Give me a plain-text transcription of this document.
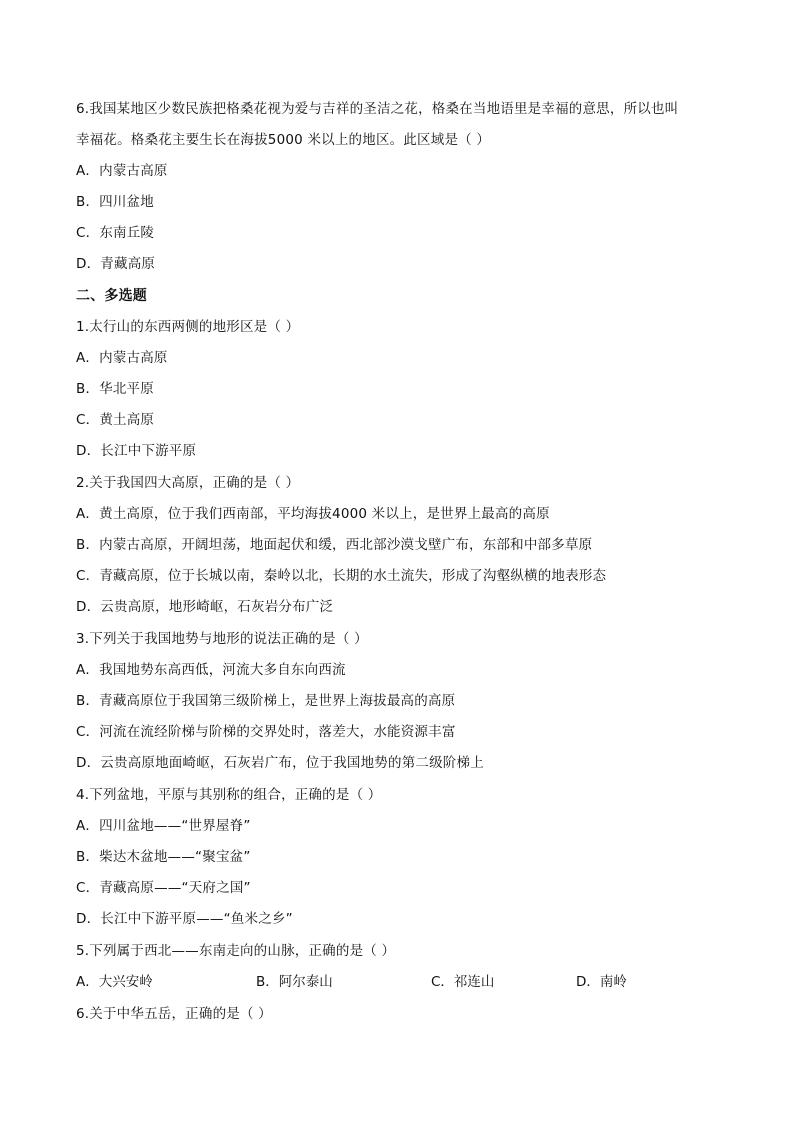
6.我国某地区少数民族把格桑花视为爱与吉祥的圣洁之花，格桑在当地语里是幸福的意思，所以也叫
幸福花。格桑花主要生长在海拔5000 米以上的地区。此区域是（ ）
A．内蒙古高原
B．四川盆地
C．东南丘陵
D．青藏高原
二、多选题
1.太行山的东西两侧的地形区是（ ）
A．内蒙古高原
B．华北平原
C．黄土高原
D．长江中下游平原
2.关于我国四大高原，正确的是（ ）
A．黄土高原，位于我们西南部，平均海拔4000 米以上，是世界上最高的高原
B．内蒙古高原，开阔坦荡，地面起伏和缓，西北部沙漠戈壁广布，东部和中部多草原
C．青藏高原，位于长城以南，秦岭以北，长期的水土流失，形成了沟壑纵横的地表形态
D．云贵高原，地形崎岖，石灰岩分布广泛
3.下列关于我国地势与地形的说法正确的是（ ）
A．我国地势东高西低，河流大多自东向西流
B．青藏高原位于我国第三级阶梯上，是世界上海拔最高的高原
C．河流在流经阶梯与阶梯的交界处时，落差大，水能资源丰富
D．云贵高原地面崎岖，石灰岩广布，位于我国地势的第二级阶梯上
4.下列盆地，平原与其别称的组合，正确的是（ ）
A．四川盆地——“世界屋脊”
B．柴达木盆地——“聚宝盆”
C．青藏高原——“天府之国”
D．长江中下游平原——“鱼米之乡”
5.下列属于西北——东南走向的山脉，正确的是（ ）
A．大兴安岭	B．阿尔泰山	C．祁连山	D．南岭
6.关于中华五岳，正确的是（ ）
